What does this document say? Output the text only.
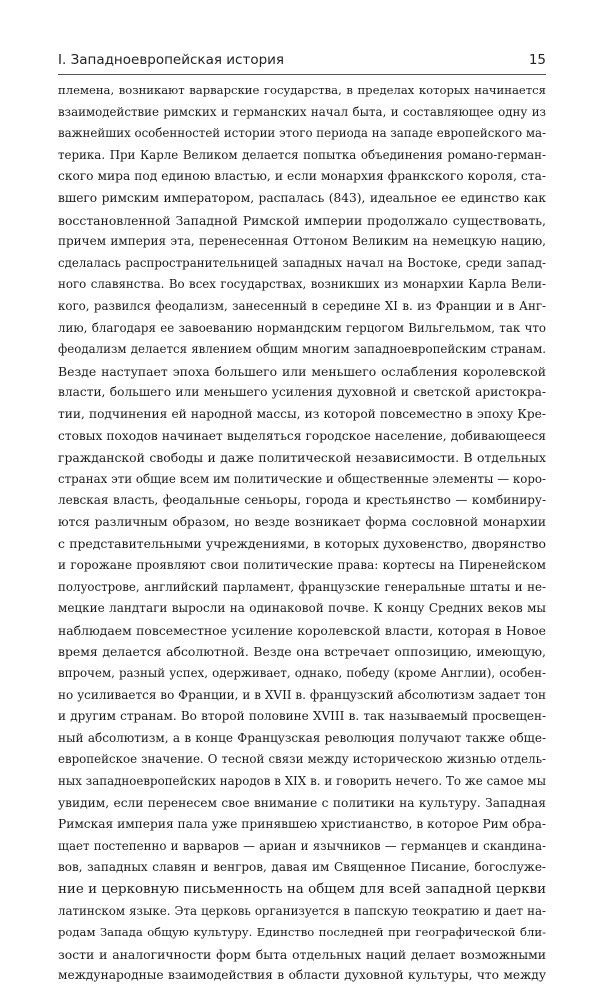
I. Западноевропейская история	15
племена, возникают варварские государства, в пределах которых начинается
взаимодействие римских и германских начал быта, и составляющее одну из
важнейших особенностей истории этого периода на западе европейского ма-
терика. При Карле Великом делается попытка объединения романо-герман-
ского мира под единою властью, и если монархия франкского короля, ста-
вшего римским императором, распалась (843), идеальное ее единство как
восстановленной Западной Римской империи продолжало существовать,
причем империя эта, перенесенная Оттоном Великим на немецкую нацию,
сделалась распространительницей западных начал на Востоке, среди запад-
ного славянства. Во всех государствах, возникших из монархии Карла Вели-
кого, развился феодализм, занесенный в середине XI в. из Франции и в Анг-
лию, благодаря ее завоеванию нормандским герцогом Вильгельмом, так что
феодализм делается явлением общим многим западноевропейским странам.
Везде наступает эпоха большего или меньшего ослабления королевской
власти, большего или меньшего усиления духовной и светской аристокра-
тии, подчинения ей народной массы, из которой повсеместно в эпоху Кре-
стовых походов начинает выделяться городское население, добивающееся
гражданской свободы и даже политической независимости. В отдельных
странах эти общие всем им политические и общественные элементы — коро-
левская власть, феодальные сеньоры, города и крестьянство — комбиниру-
ются различным образом, но везде возникает форма сословной монархии
с представительными учреждениями, в которых духовенство, дворянство
и горожане проявляют свои политические права: кортесы на Пиренейском
полуострове, английский парламент, французские генеральные штаты и не-
мецкие ландтаги выросли на одинаковой почве. К концу Средних веков мы
наблюдаем повсеместное усиление королевской власти, которая в Новое
время делается абсолютной. Везде она встречает оппозицию, имеющую,
впрочем, разный успех, одерживает, однако, победу (кроме Англии), особен-
но усиливается во Франции, и в XVII в. французский абсолютизм задает тон
и другим странам. Во второй половине XVIII в. так называемый просвещен-
ный абсолютизм, а в конце Французская революция получают также обще-
европейское значение. О тесной связи между историческою жизнью отдель-
ных западноевропейских народов в XIX в. и говорить нечего. То же самое мы
увидим, если перенесем свое внимание с политики на культуру. Западная
Римская империя пала уже принявшею христианство, в которое Рим обра-
щает постепенно и варваров — ариан и язычников — германцев и скандина-
вов, западных славян и венгров, давая им Священное Писание, богослуже-
ние и церковную письменность на общем для всей западной церкви
латинском языке. Эта церковь организуется в папскую теократию и дает на-
родам Запада общую культуру. Единство последней при географической бли-
зости и аналогичности форм быта отдельных наций делает возможными
международные взаимодействия в области духовной культуры, что между
